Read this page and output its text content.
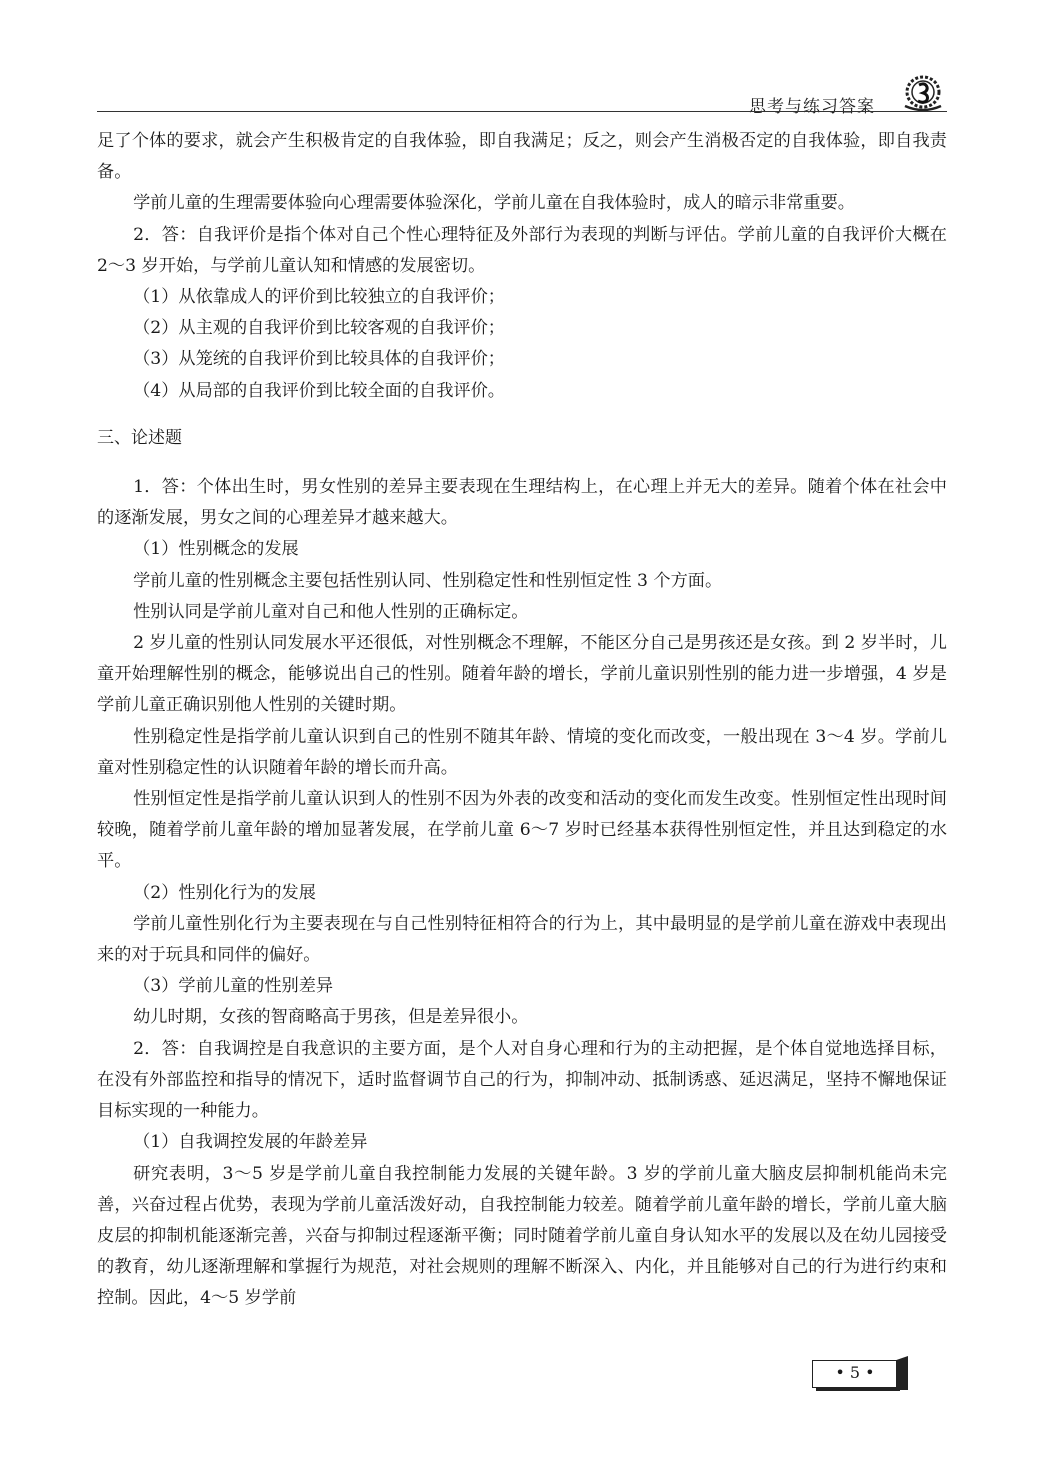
思考与练习答案

足了个体的要求，就会产生积极肯定的自我体验，即自我满足；反之，则会产生消极否定的自我体验，即自我责备。

学前儿童的生理需要体验向心理需要体验深化，学前儿童在自我体验时，成人的暗示非常重要。

2．答：自我评价是指个体对自己个性心理特征及外部行为表现的判断与评估。学前儿童的自我评价大概在 2～3 岁开始，与学前儿童认知和情感的发展密切。

（1）从依靠成人的评价到比较独立的自我评价；

（2）从主观的自我评价到比较客观的自我评价；

（3）从笼统的自我评价到比较具体的自我评价；

（4）从局部的自我评价到比较全面的自我评价。

三、论述题

1．答：个体出生时，男女性别的差异主要表现在生理结构上，在心理上并无大的差异。随着个体在社会中的逐渐发展，男女之间的心理差异才越来越大。

（1）性别概念的发展

学前儿童的性别概念主要包括性别认同、性别稳定性和性别恒定性 3 个方面。

性别认同是学前儿童对自己和他人性别的正确标定。

2 岁儿童的性别认同发展水平还很低，对性别概念不理解，不能区分自己是男孩还是女孩。到 2 岁半时，儿童开始理解性别的概念，能够说出自己的性别。随着年龄的增长，学前儿童识别性别的能力进一步增强，4 岁是学前儿童正确识别他人性别的关键时期。

性别稳定性是指学前儿童认识到自己的性别不随其年龄、情境的变化而改变，一般出现在 3～4 岁。学前儿童对性别稳定性的认识随着年龄的增长而升高。

性别恒定性是指学前儿童认识到人的性别不因为外表的改变和活动的变化而发生改变。性别恒定性出现时间较晚，随着学前儿童年龄的增加显著发展，在学前儿童 6～7 岁时已经基本获得性别恒定性，并且达到稳定的水平。

（2）性别化行为的发展

学前儿童性别化行为主要表现在与自己性别特征相符合的行为上，其中最明显的是学前儿童在游戏中表现出来的对于玩具和同伴的偏好。

（3）学前儿童的性别差异

幼儿时期，女孩的智商略高于男孩，但是差异很小。

2．答：自我调控是自我意识的主要方面，是个人对自身心理和行为的主动把握，是个体自觉地选择目标，在没有外部监控和指导的情况下，适时监督调节自己的行为，抑制冲动、抵制诱惑、延迟满足，坚持不懈地保证目标实现的一种能力。

（1）自我调控发展的年龄差异

研究表明，3～5 岁是学前儿童自我控制能力发展的关键年龄。3 岁的学前儿童大脑皮层抑制机能尚未完善，兴奋过程占优势，表现为学前儿童活泼好动，自我控制能力较差。随着学前儿童年龄的增长，学前儿童大脑皮层的抑制机能逐渐完善，兴奋与抑制过程逐渐平衡；同时随着学前儿童自身认知水平的发展以及在幼儿园接受的教育，幼儿逐渐理解和掌握行为规范，对社会规则的理解不断深入、内化，并且能够对自己的行为进行约束和控制。因此，4～5 岁学前

• 5 •
